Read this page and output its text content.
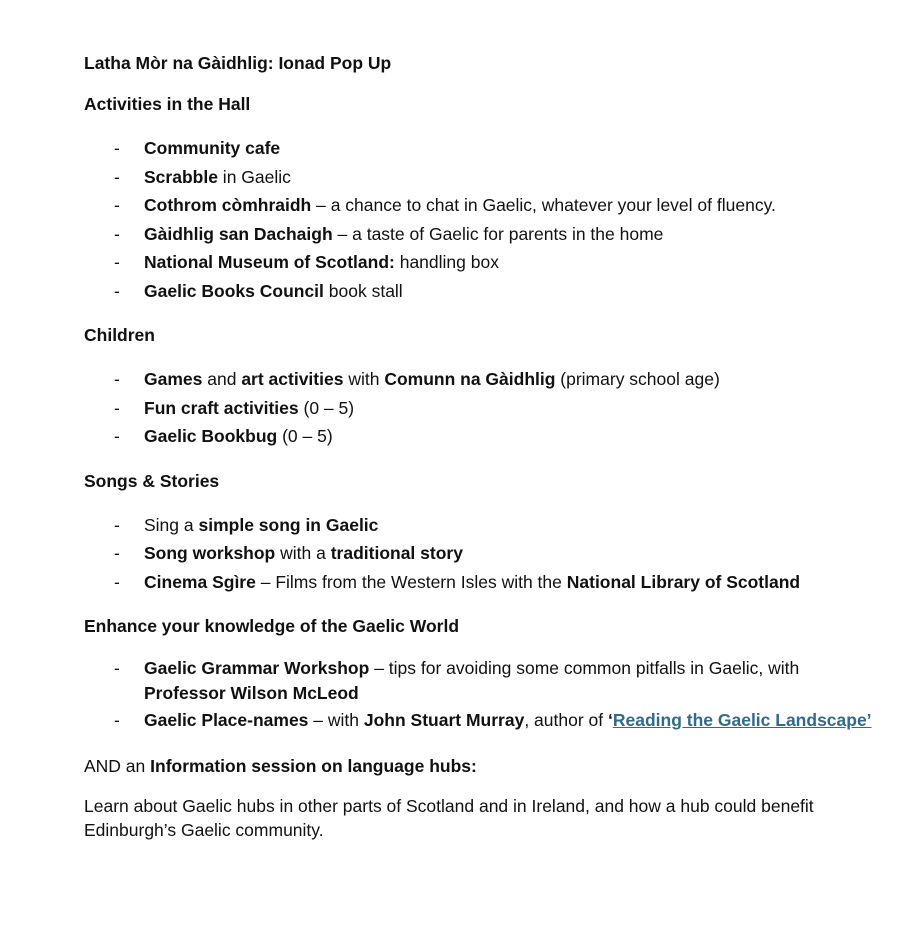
Latha Mòr na Gàidhlig: Ionad Pop Up
Activities in the Hall
- Community cafe
- Scrabble in Gaelic
- Cothrom còmhraidh – a chance to chat in Gaelic, whatever your level of fluency.
- Gàidhlig san Dachaigh – a taste of Gaelic for parents in the home
- National Museum of Scotland: handling box
- Gaelic Books Council book stall
Children
- Games and art activities with Comunn na Gàidhlig (primary school age)
- Fun craft activities (0 – 5)
- Gaelic Bookbug (0 – 5)
Songs & Stories
- Sing a simple song in Gaelic
- Song workshop with a traditional story
- Cinema Sgìre – Films from the Western Isles with the National Library of Scotland
Enhance your knowledge of the Gaelic World
- Gaelic Grammar Workshop – tips for avoiding some common pitfalls in Gaelic, with Professor Wilson McLeod
- Gaelic Place-names – with John Stuart Murray, author of ‘Reading the Gaelic Landscape’

AND an Information session on language hubs:

Learn about Gaelic hubs in other parts of Scotland and in Ireland, and how a hub could benefit Edinburgh’s Gaelic community.
